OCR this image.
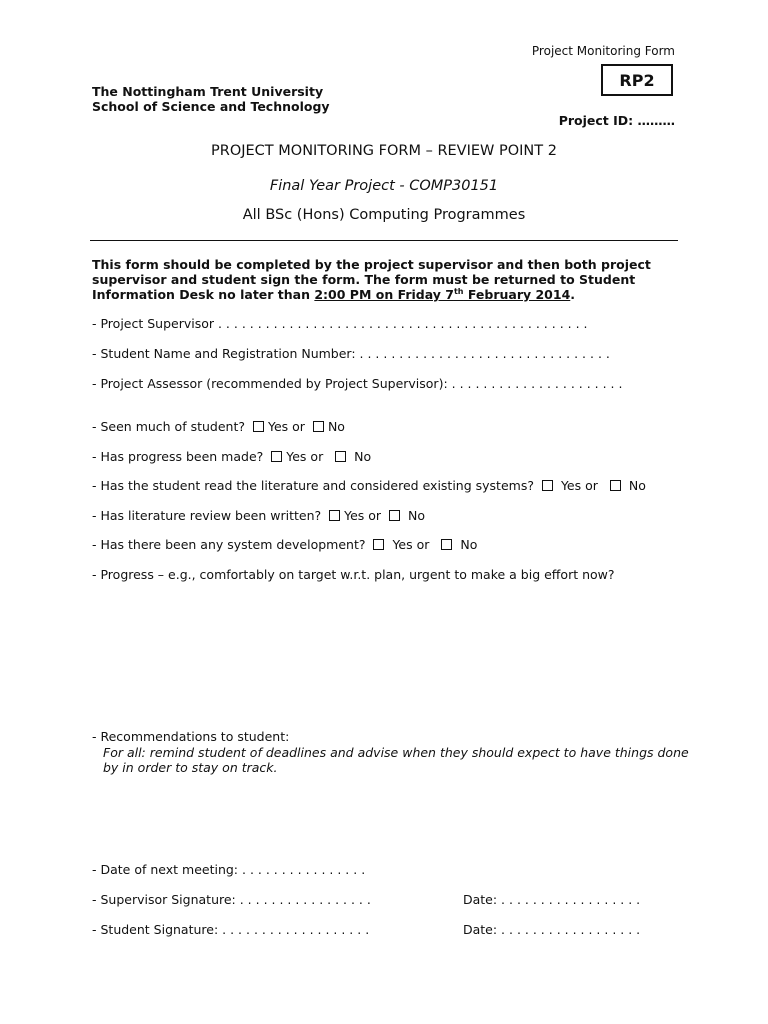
Project Monitoring Form
RP2
The Nottingham Trent University
School of Science and Technology
Project ID: ………
PROJECT MONITORING FORM – REVIEW POINT 2
Final Year Project - COMP30151
All BSc (Hons) Computing Programmes
This form should be completed by the project supervisor and then both project supervisor and student sign the form. The form must be returned to Student Information Desk no later than 2:00 PM on Friday 7th February 2014.
- Project Supervisor . . . . . . . . . . . . . . . . . . . . . . . . . . . . . . . . . . . . . . . . . . . . . . .
- Student Name and Registration Number: . . . . . . . . . . . . . . . . . . . . . . . . . . . . . . . .
- Project Assessor (recommended by Project Supervisor): . . . . . . . . . . . . . . . . . . . . . .
- Seen much of student? Yes or No
- Has progress been made? Yes or  No
- Has the student read the literature and considered existing systems?  Yes or  No
- Has literature review been written? Yes or  No
- Has there been any system development?  Yes or  No
- Progress – e.g., comfortably on target w.r.t. plan, urgent to make a big effort now?
- Recommendations to student:
For all: remind student of deadlines and advise when they should expect to have things done by in order to stay on track.
- Date of next meeting: . . . . . . . . . . . . . . . .
- Supervisor Signature: . . . . . . . . . . . . . . . . .	Date: . . . . . . . . . . . . . . . . . .
- Student Signature: . . . . . . . . . . . . . . . . . . .	Date: . . . . . . . . . . . . . . . . . .
